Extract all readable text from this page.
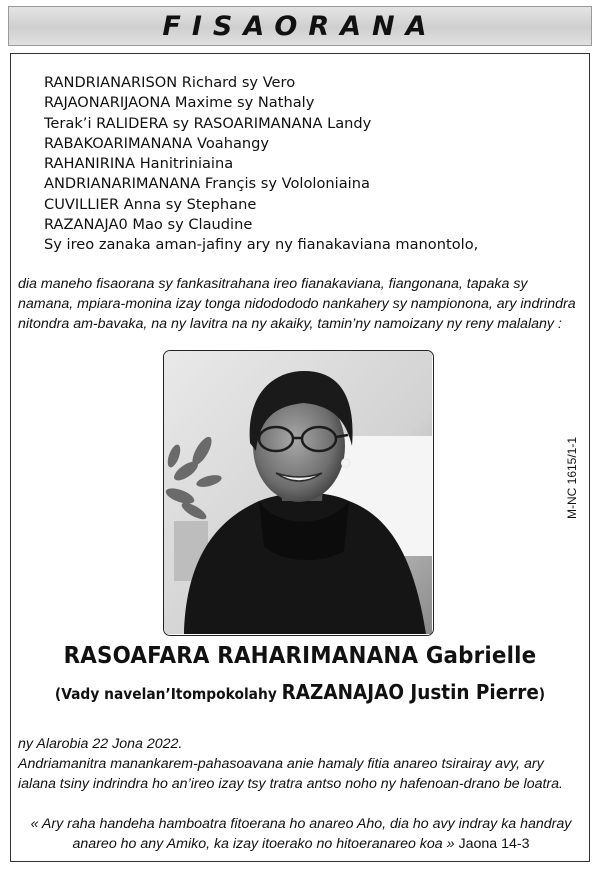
FISAORANA
RANDRIANARISON Richard sy Vero
RAJAONARIJAONA Maxime sy Nathaly
Terak’i RALIDERA sy RASOARIMANANA Landy
RABAKOARIMANANA Voahangy
RAHANIRINA Hanitriniaina
ANDRIANARIMANANA Françis sy Vololoniaina
CUVILLIER Anna sy Stephane
RAZANAJA0 Mao sy Claudine
Sy ireo zanaka aman-jafiny ary ny fianakaviana manontolo,
dia maneho fisaorana sy fankasitrahana ireo fianakaviana, fiangonana, tapaka sy namana, mpiara-monina izay tonga nidodododo nankahery sy nampionona, ary indrindra nitondra am-bavaka, na ny lavitra na ny akaiky, tamin’ny namoizany ny reny malalany :
M-NC 1615/1-1
RASOAFARA RAHARIMANANA Gabrielle
(Vady navelan’Itompokolahy RAZANAJAO Justin Pierre)
ny Alarobia 22 Jona 2022.
Andriamanitra manankarem-pahasoavana anie hamaly fitia anareo tsirairay avy, ary ialana tsiny indrindra ho an’ireo izay tsy tratra antso noho ny hafenoan-drano be loatra.
« Ary raha handeha hamboatra fitoerana ho anareo Aho, dia ho avy indray ka handray anareo ho any Amiko, ka izay itoerako no hitoeranareo koa » Jaona 14-3
